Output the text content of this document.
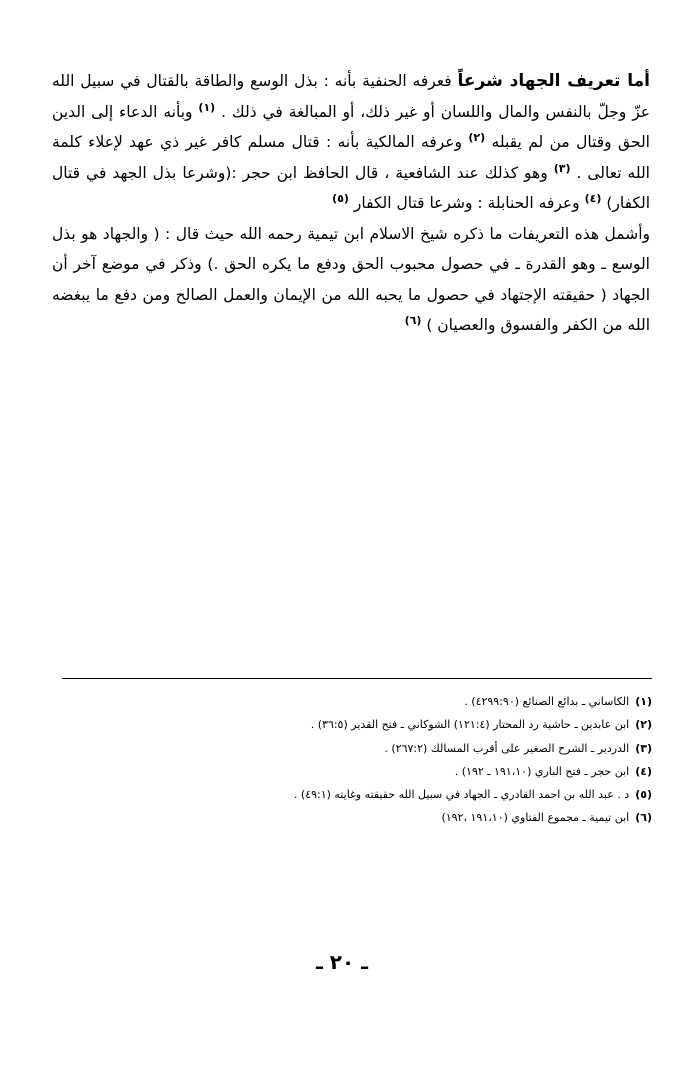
أما تعريف الجهاد شرعاً فعرفه الحنفية بأنه : بذل الوسع والطاقة بالقتال في سبيل الله عزّ وجلّ بالنفس والمال واللسان أو غير ذلك، أو المبالغة في ذلك . $^{(١)}$ وبأنه الدعاء إلى الدين الحق وقتال من لم يقبله $^{(٢)}$ وعرفه المالكية بأنه : قتال مسلم كافر غير ذي عهد لإعلاء كلمة الله تعالى . $^{(٣)}$ وهو كذلك عند الشافعية ، قال الحافظ ابن حجر :(وشرعا بذل الجهد في قتال الكفار) $^{(٤)}$ وعرفه الحنابلة : وشرعا قتال الكفار $^{(٥)}$

وأشمل هذه التعريفات ما ذكره شيخ الاسلام ابن تيمية رحمه الله حيث قال : ( والجهاد هو بذل الوسع ـ وهو القدرة ـ في حصول محبوب الحق ودفع ما يكره الحق .) وذكر في موضع آخر أن الجهاد ( حقيقته الإجتهاد في حصول ما يحبه الله من الإيمان والعمل الصالح ومن دفع ما يبغضه الله من الكفر والفسوق والعصيان ) $^{(٦)}$

(١)الكاساني ـ بدائع الصنائع (٤٢٩٩:٩٠) .
(٢)ابن عابدين ـ حاشية رد المحتار (١٢١:٤) الشوكاني ـ فتح القدير (٣٦:٥) .
(٣)الدردير ـ الشرح الصغير على أقرب المسالك (٢٦٧:٢) .
(٤)ابن حجر ـ فتح الباري (١٩١،١٠ ـ ١٩٢) .
(٥)د . عبد الله بن احمد القادري ـ الجهاد في سبيل الله حقيقته وغايته (٤٩:١) .
(٦)ابن تيمية ـ مجموع الفتاوي (١٩١،١٠ ،١٩٢)
ـ ٢٠ ـ
